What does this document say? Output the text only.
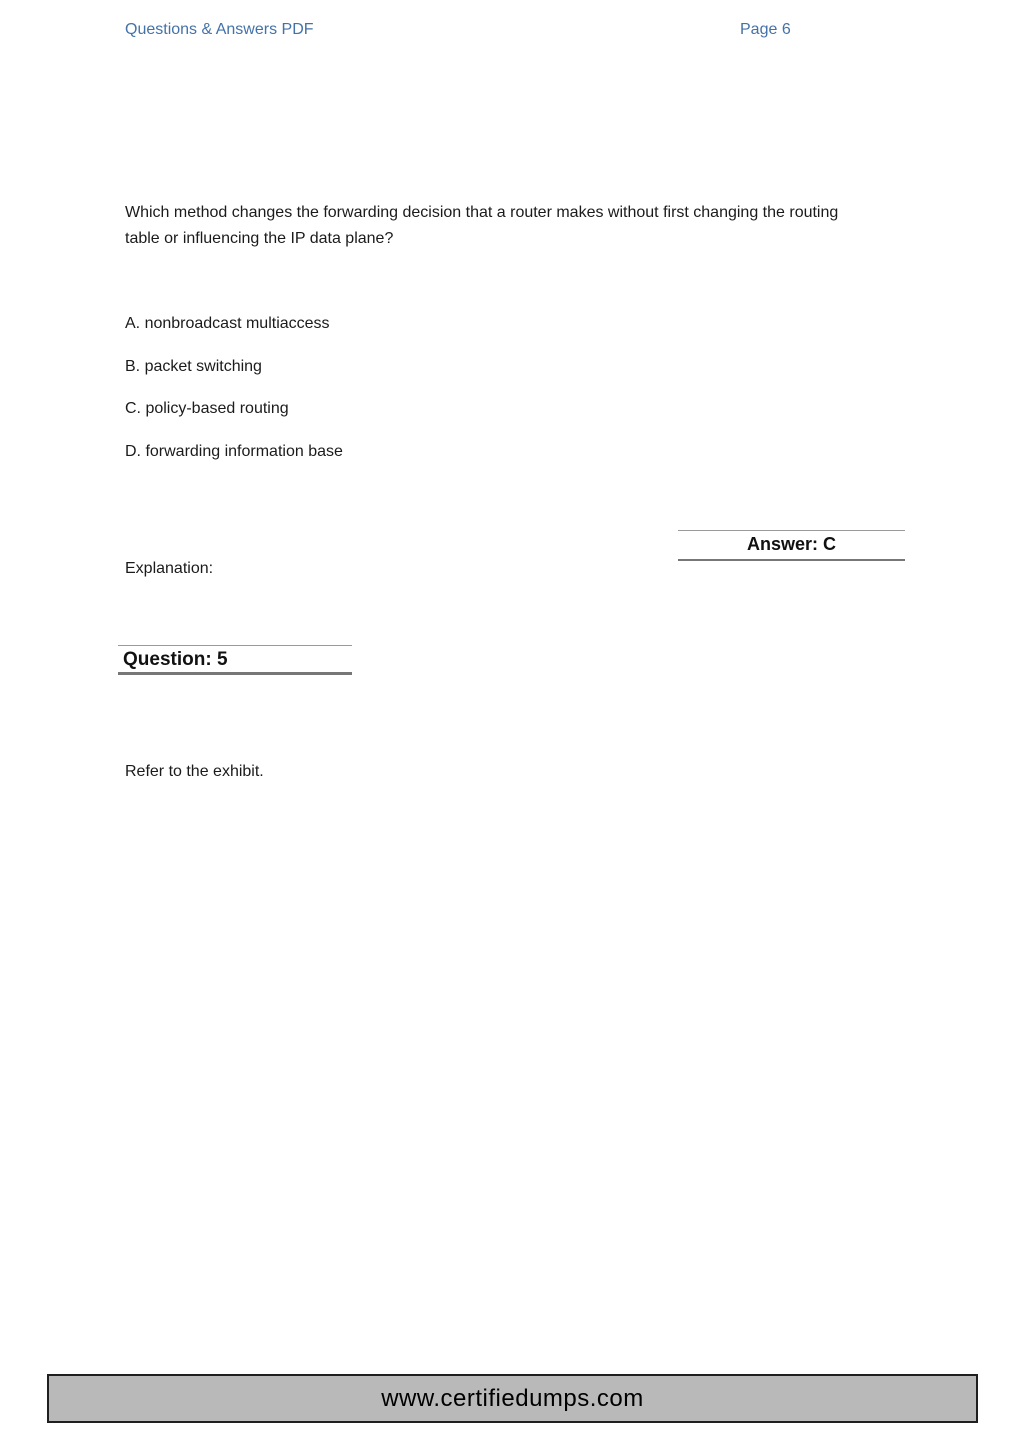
Questions & Answers PDF	Page 6
Which method changes the forwarding decision that a router makes without first changing the routing table or influencing the IP data plane?
A. nonbroadcast multiaccess
B. packet switching
C. policy-based routing
D. forwarding information base
Answer: C
Explanation:
Question: 5
Refer to the exhibit.
www.certifiedumps.com
